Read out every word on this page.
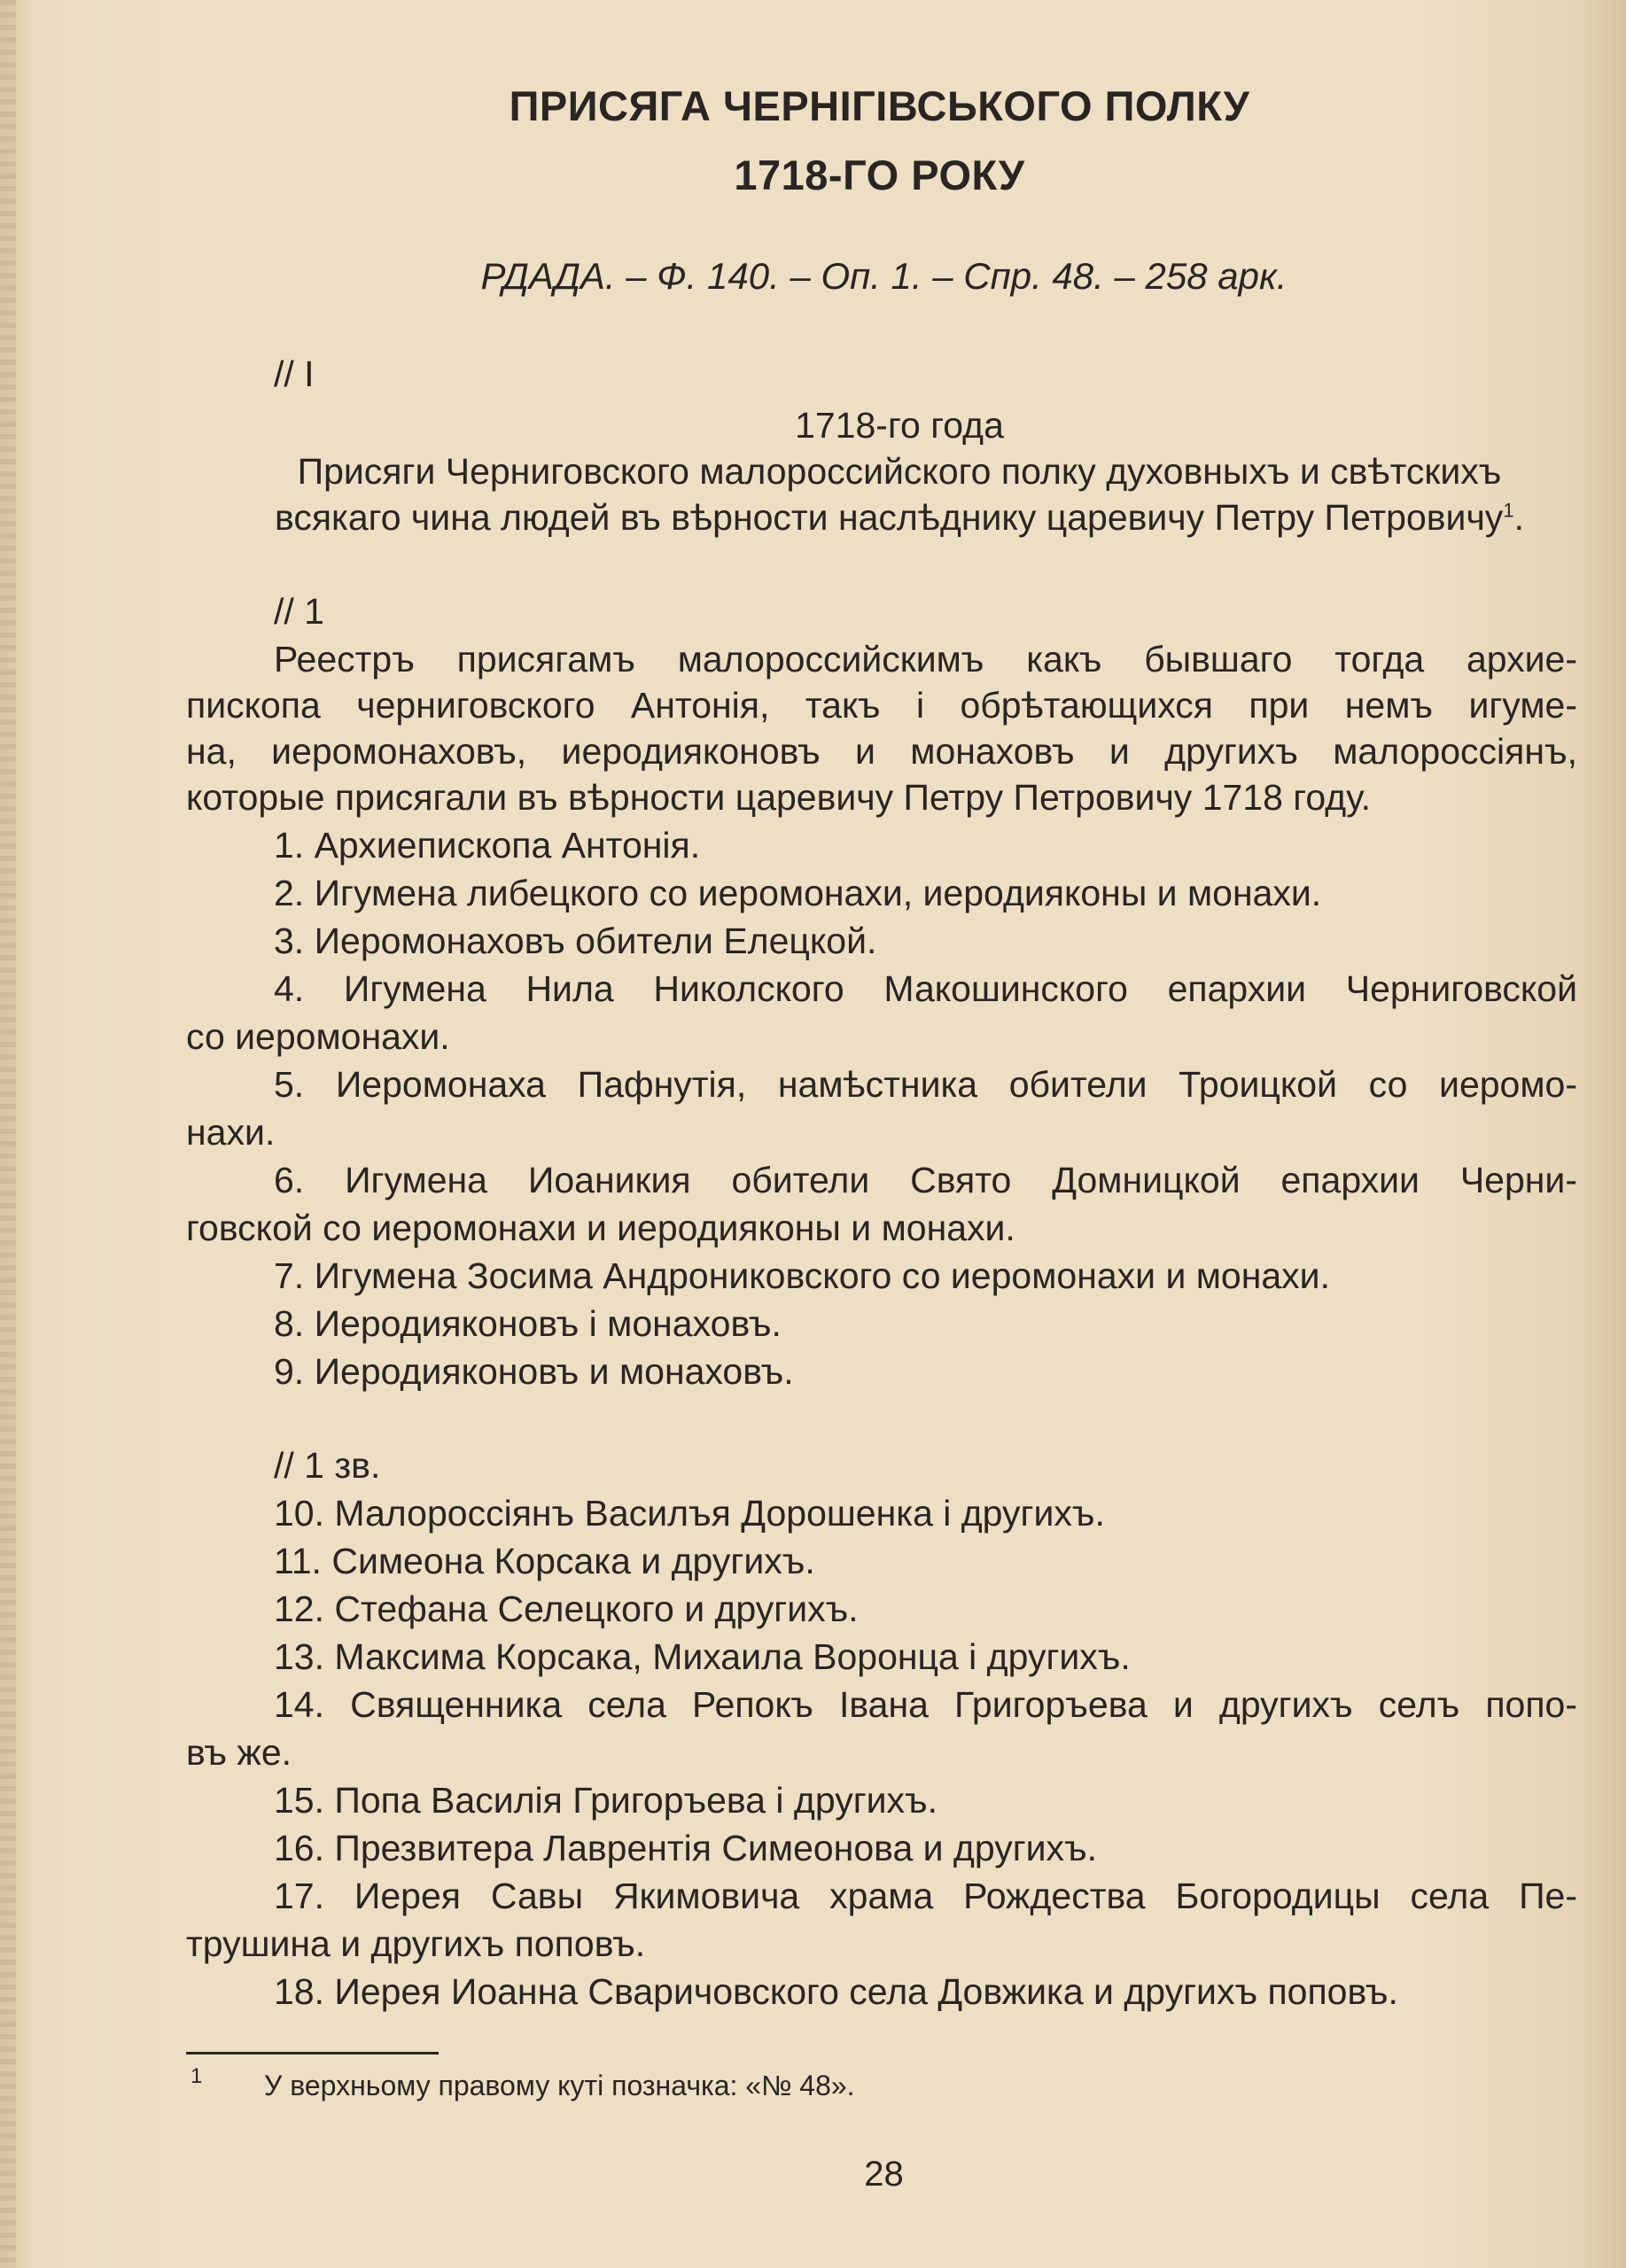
ПРИСЯГА ЧЕРНІГІВСЬКОГО ПОЛКУ
1718-ГО РОКУ
РДАДА. – Ф. 140. – Оп. 1. – Спр. 48. – 258 арк.
// I
1718-го года
Присяги Черниговского малороссийского полку духовныхъ и свѣтскихъ
всякаго чина людей въ вѣрности наслѣднику царевичу Петру Петровичу$^1$.
// 1
Реестръ присягамъ малороссийскимъ какъ бывшаго тогда архие-
пископа черниговского Антонія, такъ і обрѣтающихся при немъ игуме-
на, иеромонаховъ, иеродияконовъ и монаховъ и другихъ малороссіянъ,
которые присягали въ вѣрности царевичу Петру Петровичу 1718 году.
1. Архиепископа Антонія.
2. Игумена либецкого со иеромонахи, иеродияконы и монахи.
3. Иеромонаховъ обители Елецкой.
4. Игумена Нила Николского Макошинского епархии Черниговской
со иеромонахи.
5. Иеромонаха Пафнутія, намѣстника обители Троицкой со иеромо-
нахи.
6. Игумена Иоаникия обители Свято Домницкой епархии Черни-
говской со иеромонахи и иеродияконы и монахи.
7. Игумена Зосима Андрониковского со иеромонахи и монахи.
8. Иеродияконовъ і монаховъ.
9. Иеродияконовъ и монаховъ.
// 1 зв.
10. Малороссіянъ Василъя Дорошенка і другихъ.
11. Симеона Корсака и другихъ.
12. Стефана Селецкого и другихъ.
13. Максима Корсака, Михаила Воронца і другихъ.
14. Священника села Репокъ Івана Григоръева и другихъ селъ попо-
въ же.
15. Попа Василія Григоръева і другихъ.
16. Презвитера Лаврентія Симеонова и другихъ.
17. Иерея Савы Якимовича храма Рождества Богородицы села Пе-
трушина и другихъ поповъ.
18. Иерея Иоанна Сваричовского села Довжика и другихъ поповъ.
1 У верхньому правому куті позначка: «№ 48».
28
